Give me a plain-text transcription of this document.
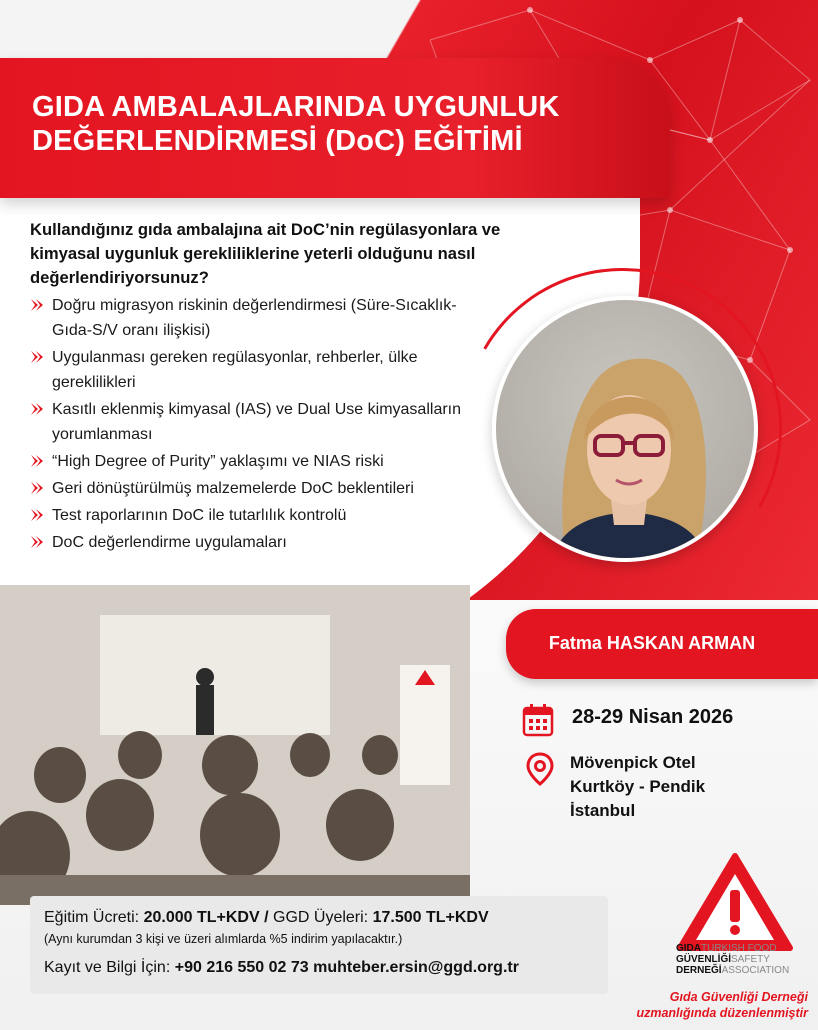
GIDA AMBALAJLARINDA UYGUNLUK
DEĞERLENDİRMESİ (DoC) EĞİTİMİ
Kullandığınız gıda ambalajına ait DoC’nin regülasyonlara ve kimyasal uygunluk gerekliliklerine yeterli olduğunu nasıl değerlendiriyorsunuz?
Doğru migrasyon riskinin değerlendirmesi (Süre-Sıcaklık-Gıda-S/V oranı ilişkisi)
Uygulanması gereken regülasyonlar, rehberler, ülke gereklilikleri
Kasıtlı eklenmiş kimyasal (IAS) ve Dual Use kimyasalların yorumlanması
“High Degree of Purity” yaklaşımı ve NIAS riski
Geri dönüştürülmüş malzemelerde DoC beklentileri
Test raporlarının DoC ile tutarlılık kontrolü
DoC değerlendirme uygulamaları
Fatma HASKAN ARMAN
28-29 Nisan 2026
Mövenpick Otel
Kurtköy - Pendik
İstanbul
Eğitim Ücreti: 20.000 TL+KDV / GGD Üyeleri: 17.500 TL+KDV
(Aynı kurumdan 3 kişi ve üzeri alımlarda %5 indirim yapılacaktır.)
Kayıt ve Bilgi İçin: +90 216 550 02 73 muhteber.ersin@ggd.org.tr
GIDATURKISH FOOD
GÜVENLİĞİSAFETY
DERNEĞİASSOCIATION
Gıda Güvenliği Derneği
uzmanlığında düzenlenmiştir
